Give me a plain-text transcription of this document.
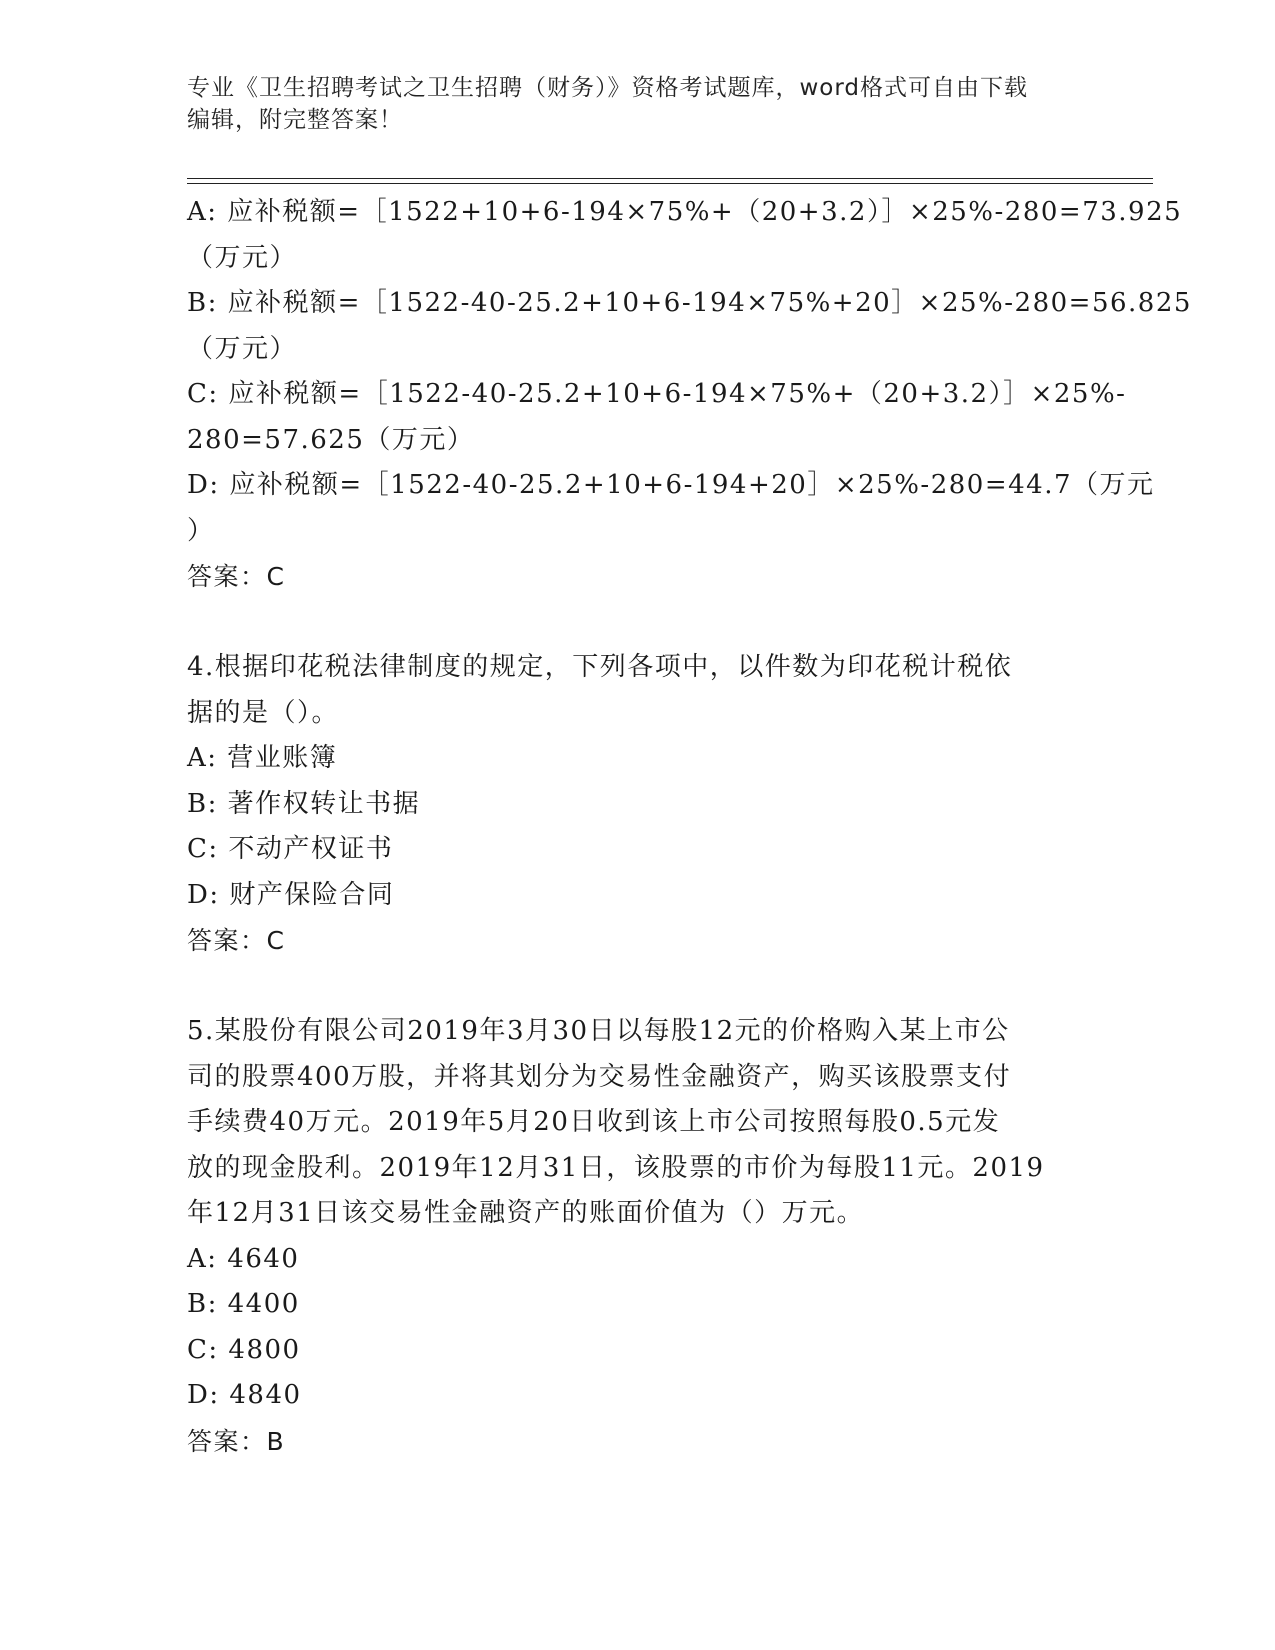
专业《卫生招聘考试之卫生招聘（财务）》资格考试题库，word格式可自由下载
编辑，附完整答案！
A: 应补税额=［1522+10+6-194×75%+（20+3.2）］×25%-280=73.925
（万元）
B: 应补税额=［1522-40-25.2+10+6-194×75%+20］×25%-280=56.825
（万元）
C: 应补税额=［1522-40-25.2+10+6-194×75%+（20+3.2）］×25%-
280=57.625（万元）
D: 应补税额=［1522-40-25.2+10+6-194+20］×25%-280=44.7（万元
）
答案：C
4.根据印花税法律制度的规定，下列各项中，以件数为印花税计税依
据的是（）。
A: 营业账簿
B: 著作权转让书据
C: 不动产权证书
D: 财产保险合同
答案：C
5.某股份有限公司2019年3月30日以每股12元的价格购入某上市公
司的股票400万股，并将其划分为交易性金融资产，购买该股票支付
手续费40万元。2019年5月20日收到该上市公司按照每股0.5元发
放的现金股利。2019年12月31日，该股票的市价为每股11元。2019
年12月31日该交易性金融资产的账面价值为（）万元。
A: 4640
B: 4400
C: 4800
D: 4840
答案：B
